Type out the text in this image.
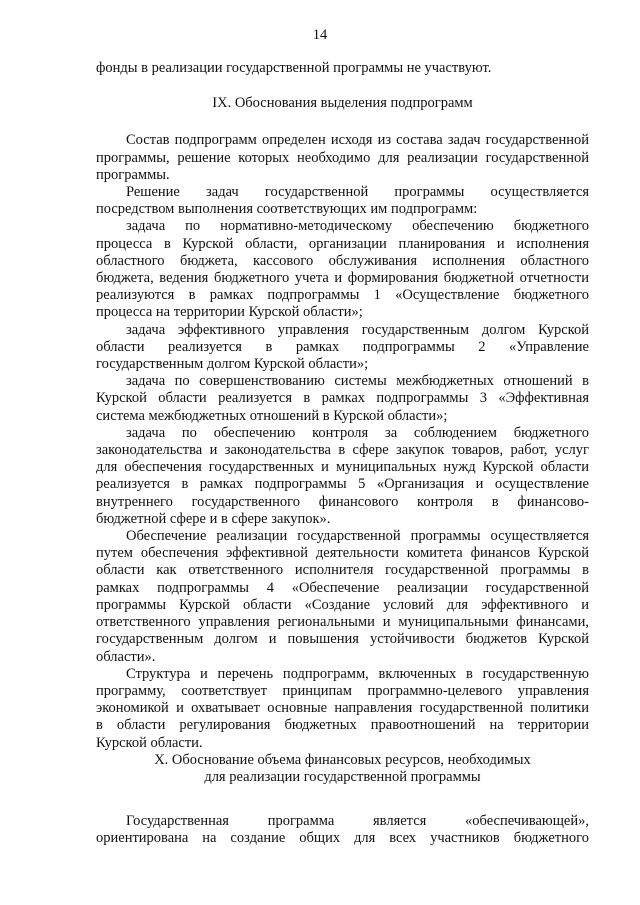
14

фонды в реализации государственной программы не участвуют.

IX. Обоснования выделения подпрограмм

Состав подпрограмм определен исходя из состава задач государственной

программы, решение которых необходимо для реализации государственной

программы.

Решение задач государственной программы осуществляется

посредством выполнения соответствующих им подпрограмм:

задача по нормативно-методическому обеспечению бюджетного

процесса в Курской области, организации планирования и исполнения

областного бюджета, кассового обслуживания исполнения областного

бюджета, ведения бюджетного учета и формирования бюджетной отчетности

реализуются в рамках подпрограммы 1 «Осуществление бюджетного

процесса на территории Курской области»;

задача эффективного управления государственным долгом Курской

области реализуется в рамках подпрограммы 2 «Управление

государственным долгом Курской области»;

задача по совершенствованию системы межбюджетных отношений в

Курской области реализуется в рамках подпрограммы 3 «Эффективная

система межбюджетных отношений в Курской области»;

задача по обеспечению контроля за соблюдением бюджетного

законодательства и законодательства в сфере закупок товаров, работ, услуг

для обеспечения государственных и муниципальных нужд Курской области

реализуется в рамках подпрограммы 5 «Организация и осуществление

внутреннего государственного финансового контроля в финансово-

бюджетной сфере и в сфере закупок».

Обеспечение реализации государственной программы осуществляется

путем обеспечения эффективной деятельности комитета финансов Курской

области как ответственного исполнителя государственной программы в

рамках подпрограммы 4 «Обеспечение реализации государственной

программы Курской области «Создание условий для эффективного и

ответственного управления региональными и муниципальными финансами,

государственным долгом и повышения устойчивости бюджетов Курской

области».

Структура и перечень подпрограмм, включенных в государственную

программу, соответствует принципам программно-целевого управления

экономикой и охватывает основные направления государственной политики

в области регулирования бюджетных правоотношений на территории

Курской области.

X. Обоснование объема финансовых ресурсов, необходимых

для реализации государственной программы

Государственная программа является «обеспечивающей»,

ориентирована на создание общих для всех участников бюджетного
